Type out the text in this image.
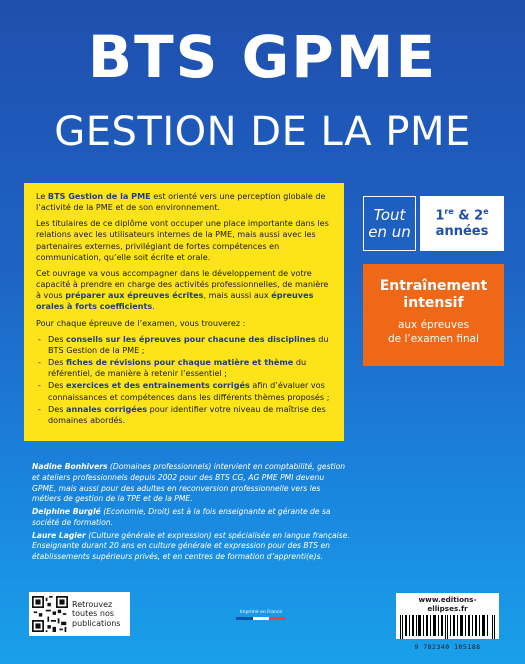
BTS GPME
GESTION DE LA PME

Le BTS Gestion de la PME est orienté vers une perception globale de l’activité de la PME et de son environnement.

Les titulaires de ce diplôme vont occuper une place importante dans les relations avec les utilisateurs internes de la PME, mais aussi avec les partenaires externes, privilégiant de fortes compétences en communication, qu’elle soit écrite et orale.

Cet ouvrage va vous accompagner dans le développement de votre capacité à prendre en charge des activités professionnelles, de manière à vous préparer aux épreuves écrites, mais aussi aux épreuves orales à forts coefficients.

Pour chaque épreuve de l’examen, vous trouverez :

- Des conseils sur les épreuves pour chacune des disciplines du BTS Gestion de la PME ;
- Des fiches de révisions pour chaque matière et thème du référentiel, de manière à retenir l’essentiel ;
- Des exercices et des entrainements corrigés afin d’évaluer vos connaissances et compétences dans les différents thèmes proposés ;
- Des annales corrigées pour identifier votre niveau de maîtrise des domaines abordés.
Tout
en un
1re & 2e
années
Entraînement
intensif
aux épreuves
de l’examen final

Nadine Bonhivers (Domaines professionnels) intervient en comptabilité, gestion et ateliers professionnels depuis 2002 pour des BTS CG, AG PME PMI devenu GPME, mais aussi pour des adultes en reconversion professionnelle vers les métiers de gestion de la TPE et de la PME.

Delphine Burglé (Economie, Droit) est à la fois enseignante et gérante de sa société de formation.

Laure Lagier (Culture générale et expression) est spécialisée en langue française. Enseignante durant 20 ans en culture générale et expression pour des BTS en établissements supérieurs privés, et en centres de formation d’apprenti(e)s.

Retrouvez
toutes nos
publications
Imprimé en France
www.editions-ellipses.fr
9 782340 105188
